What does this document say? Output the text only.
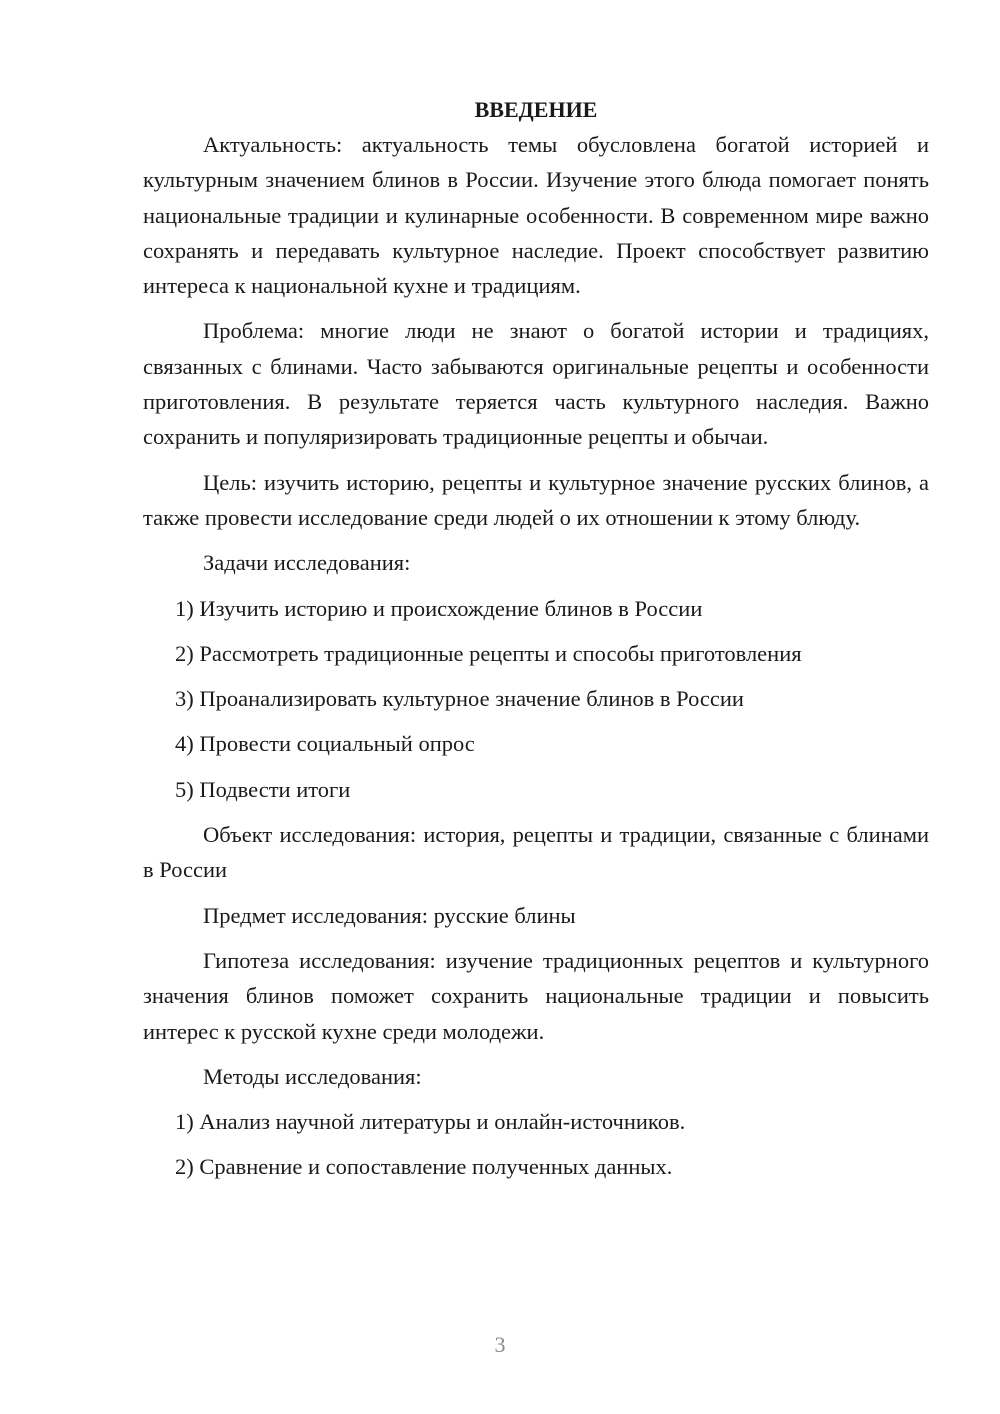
ВВЕДЕНИЕ

Актуальность: актуальность темы обусловлена богатой историей и культурным значением блинов в России. Изучение этого блюда помогает понять национальные традиции и кулинарные особенности. В современном мире важно сохранять и передавать культурное наследие. Проект способствует развитию интереса к национальной кухне и традициям.

Проблема: многие люди не знают о богатой истории и традициях, связанных с блинами. Часто забываются оригинальные рецепты и особенности приготовления. В результате теряется часть культурного наследия. Важно сохранить и популяризировать традиционные рецепты и обычаи.

Цель: изучить историю, рецепты и культурное значение русских блинов, а также провести исследование среди людей о их отношении к этому блюду.

Задачи исследования:

1) Изучить историю и происхождение блинов в России

2) Рассмотреть традиционные рецепты и способы приготовления

3) Проанализировать культурное значение блинов в России

4) Провести социальный опрос

5) Подвести итоги

Объект исследования: история, рецепты и традиции, связанные с блинами в России

Предмет исследования: русские блины

Гипотеза исследования: изучение традиционных рецептов и культурного значения блинов поможет сохранить национальные традиции и повысить интерес к русской кухне среди молодежи.

Методы исследования:

1) Анализ научной литературы и онлайн-источников.

2) Сравнение и сопоставление полученных данных.

3
